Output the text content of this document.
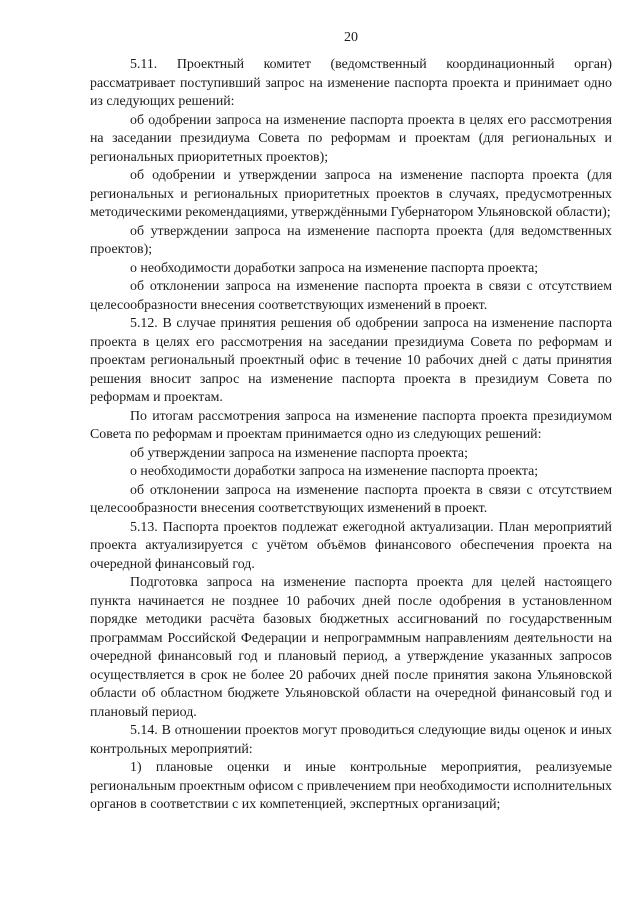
20

5.11. Проектный комитет (ведомственный координационный орган) рассматривает поступивший запрос на изменение паспорта проекта и принимает одно из следующих решений:

об одобрении запроса на изменение паспорта проекта в целях его рассмотрения на заседании президиума Совета по реформам и проектам (для региональных и региональных приоритетных проектов);

об одобрении и утверждении запроса на изменение паспорта проекта (для региональных и региональных приоритетных проектов в случаях, предусмотренных методическими рекомендациями, утверждёнными Губернатором Ульяновской области);

об утверждении запроса на изменение паспорта проекта (для ведомственных проектов);

о необходимости доработки запроса на изменение паспорта проекта;

об отклонении запроса на изменение паспорта проекта в связи с отсутствием целесообразности внесения соответствующих изменений в проект.

5.12. В случае принятия решения об одобрении запроса на изменение паспорта проекта в целях его рассмотрения на заседании президиума Совета по реформам и проектам региональный проектный офис в течение 10 рабочих дней с даты принятия решения вносит запрос на изменение паспорта проекта в президиум Совета по реформам и проектам.

По итогам рассмотрения запроса на изменение паспорта проекта президиумом Совета по реформам и проектам принимается одно из следующих решений:

об утверждении запроса на изменение паспорта проекта;

о необходимости доработки запроса на изменение паспорта проекта;

об отклонении запроса на изменение паспорта проекта в связи с отсутствием целесообразности внесения соответствующих изменений в проект.

5.13. Паспорта проектов подлежат ежегодной актуализации. План мероприятий проекта актуализируется с учётом объёмов финансового обеспечения проекта на очередной финансовый год.

Подготовка запроса на изменение паспорта проекта для целей настоящего пункта начинается не позднее 10 рабочих дней после одобрения в установленном порядке методики расчёта базовых бюджетных ассигнований по государственным программам Российской Федерации и непрограммным направлениям деятельности на очередной финансовый год и плановый период, а утверждение указанных запросов осуществляется в срок не более 20 рабочих дней после принятия закона Ульяновской области об областном бюджете Ульяновской области на очередной финансовый год и плановый период.

5.14. В отношении проектов могут проводиться следующие виды оценок и иных контрольных мероприятий:

1) плановые оценки и иные контрольные мероприятия, реализуемые региональным проектным офисом с привлечением при необходимости исполнительных органов в соответствии с их компетенцией, экспертных организаций;
